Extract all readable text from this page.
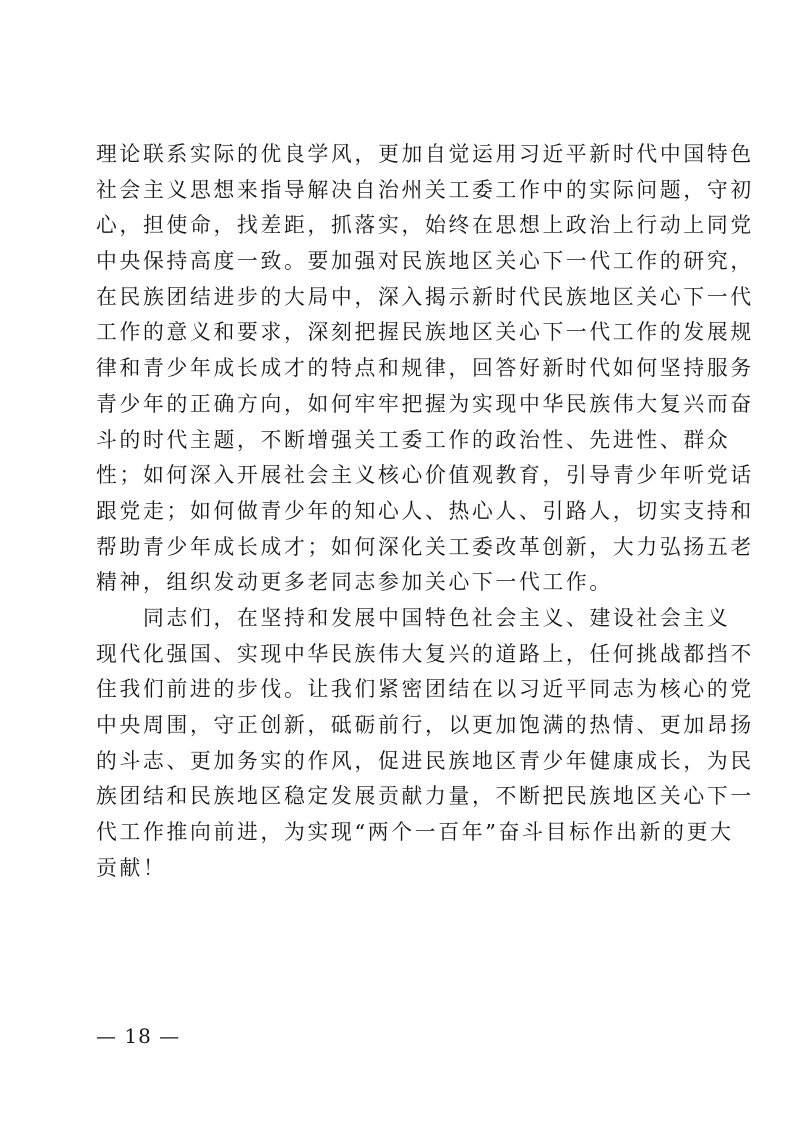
理论联系实际的优良学风，更加自觉运用习近平新时代中国特色
社会主义思想来指导解决自治州关工委工作中的实际问题，守初
心，担使命，找差距，抓落实，始终在思想上政治上行动上同党
中央保持高度一致。要加强对民族地区关心下一代工作的研究，
在民族团结进步的大局中，深入揭示新时代民族地区关心下一代
工作的意义和要求，深刻把握民族地区关心下一代工作的发展规
律和青少年成长成才的特点和规律，回答好新时代如何坚持服务
青少年的正确方向，如何牢牢把握为实现中华民族伟大复兴而奋
斗的时代主题，不断增强关工委工作的政治性、先进性、群众
性；如何深入开展社会主义核心价值观教育，引导青少年听党话
跟党走；如何做青少年的知心人、热心人、引路人，切实支持和
帮助青少年成长成才；如何深化关工委改革创新，大力弘扬五老
精神，组织发动更多老同志参加关心下一代工作。
同志们，在坚持和发展中国特色社会主义、建设社会主义
现代化强国、实现中华民族伟大复兴的道路上，任何挑战都挡不
住我们前进的步伐。让我们紧密团结在以习近平同志为核心的党
中央周围，守正创新，砥砺前行，以更加饱满的热情、更加昂扬
的斗志、更加务实的作风，促进民族地区青少年健康成长，为民
族团结和民族地区稳定发展贡献力量，不断把民族地区关心下一
代工作推向前进，为实现“两个一百年”奋斗目标作出新的更大
贡献！
— 18 —
